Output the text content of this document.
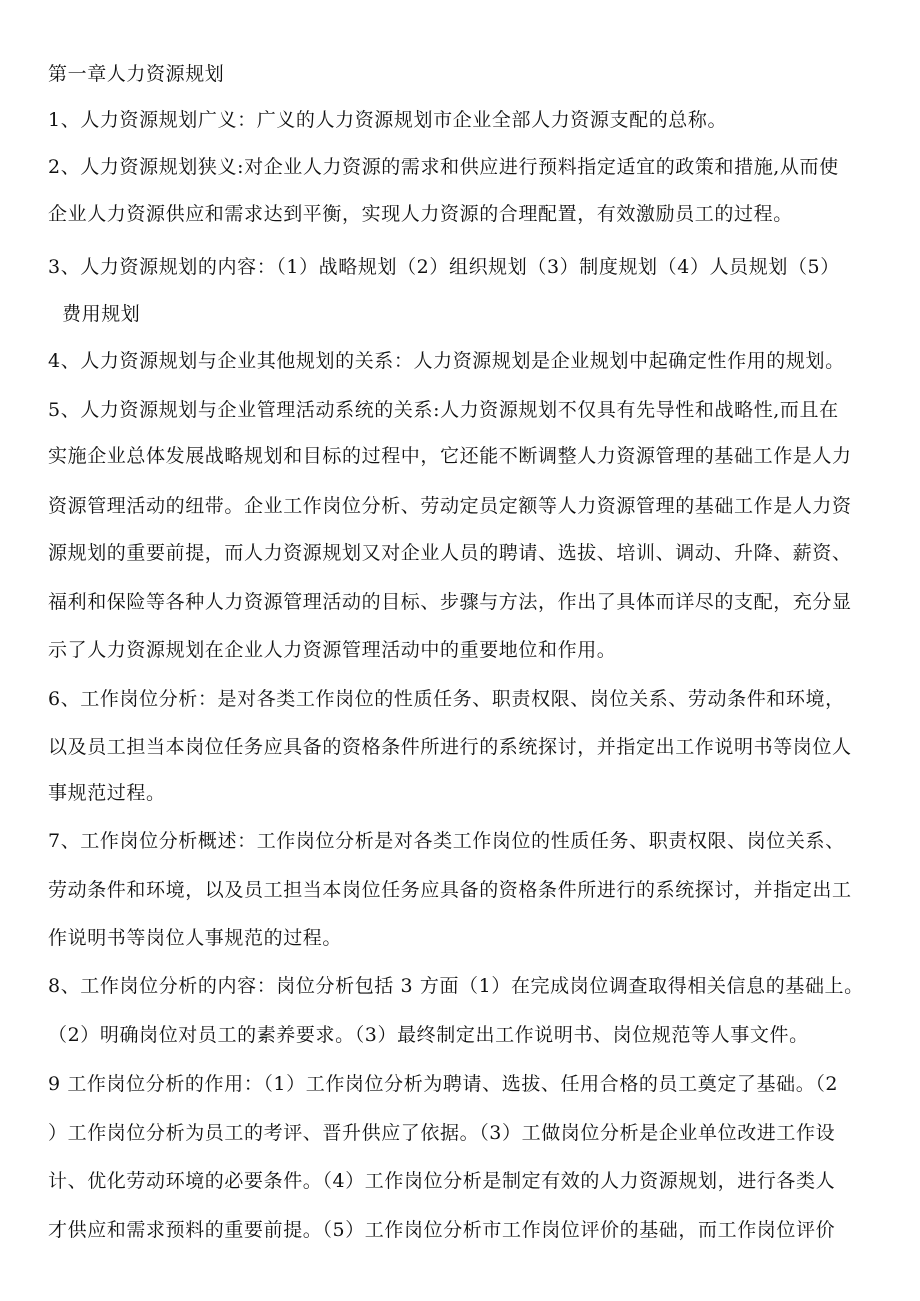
第一章人力资源规划
1、人力资源规划广义：广义的人力资源规划市企业全部人力资源支配的总称。
2、人力资源规划狭义:对企业人力资源的需求和供应进行预料指定适宜的政策和措施,从而使
企业人力资源供应和需求达到平衡，实现人力资源的合理配置，有效激励员工的过程。
3、人力资源规划的内容：（1）战略规划（2）组织规划（3）制度规划（4）人员规划（5）
费用规划
4、人力资源规划与企业其他规划的关系：人力资源规划是企业规划中起确定性作用的规划。
5、人力资源规划与企业管理活动系统的关系:人力资源规划不仅具有先导性和战略性,而且在
实施企业总体发展战略规划和目标的过程中，它还能不断调整人力资源管理的基础工作是人力
资源管理活动的纽带。企业工作岗位分析、劳动定员定额等人力资源管理的基础工作是人力资
源规划的重要前提，而人力资源规划又对企业人员的聘请、选拔、培训、调动、升降、薪资、
福利和保险等各种人力资源管理活动的目标、步骤与方法，作出了具体而详尽的支配，充分显
示了人力资源规划在企业人力资源管理活动中的重要地位和作用。
6、工作岗位分析：是对各类工作岗位的性质任务、职责权限、岗位关系、劳动条件和环境，
以及员工担当本岗位任务应具备的资格条件所进行的系统探讨，并指定出工作说明书等岗位人
事规范过程。
7、工作岗位分析概述：工作岗位分析是对各类工作岗位的性质任务、职责权限、岗位关系、
劳动条件和环境，以及员工担当本岗位任务应具备的资格条件所进行的系统探讨，并指定出工
作说明书等岗位人事规范的过程。
8、工作岗位分析的内容：岗位分析包括 3 方面（1）在完成岗位调查取得相关信息的基础上。
（2）明确岗位对员工的素养要求。（3）最终制定出工作说明书、岗位规范等人事文件。
9 工作岗位分析的作用：（1）工作岗位分析为聘请、选拔、任用合格的员工奠定了基础。（2
）工作岗位分析为员工的考评、晋升供应了依据。（3）工做岗位分析是企业单位改进工作设
计、优化劳动环境的必要条件。（4）工作岗位分析是制定有效的人力资源规划，进行各类人
才供应和需求预料的重要前提。（5）工作岗位分析市工作岗位评价的基础，而工作岗位评价
